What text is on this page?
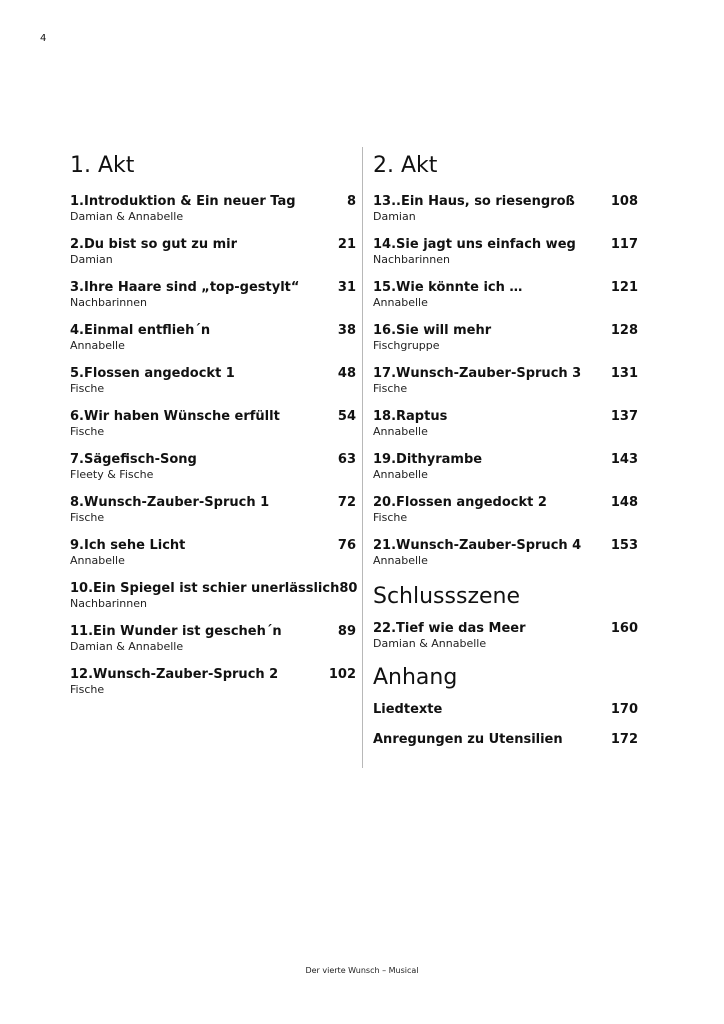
4
1. Akt
1.Introduktion & Ein neuer Tag	8
Damian & Annabelle
2.Du bist so gut zu mir	21
Damian
3.Ihre Haare sind „top-gestylt“	31
Nachbarinnen
4.Einmal entflieh´n	38
Annabelle
5.Flossen angedockt 1	48
Fische
6.Wir haben Wünsche erfüllt	54
Fische
7.Sägefisch-Song	63
Fleety & Fische
8.Wunsch-Zauber-Spruch 1	72
Fische
9.Ich sehe Licht	76
Annabelle
10.Ein Spiegel ist schier unerlässlich 80
Nachbarinnen
11.Ein Wunder ist gescheh´n	89
Damian & Annabelle
12.Wunsch-Zauber-Spruch 2	102
Fische
2. Akt
13..Ein Haus, so riesengroß	108
Damian
14.Sie jagt uns einfach weg	117
Nachbarinnen
15.Wie könnte ich …	121
Annabelle
16.Sie will mehr	128
Fischgruppe
17.Wunsch-Zauber-Spruch 3 131
Fische
18.Raptus	137
Annabelle
19.Dithyrambe	143
Annabelle
20.Flossen angedockt 2	148
Fische
21.Wunsch-Zauber-Spruch 4 153
Annabelle
Schlussszene
22.Tief wie das Meer	160
Damian & Annabelle
Anhang
Liedtexte	170
Anregungen zu Utensilien	172
Der vierte Wunsch – Musical
